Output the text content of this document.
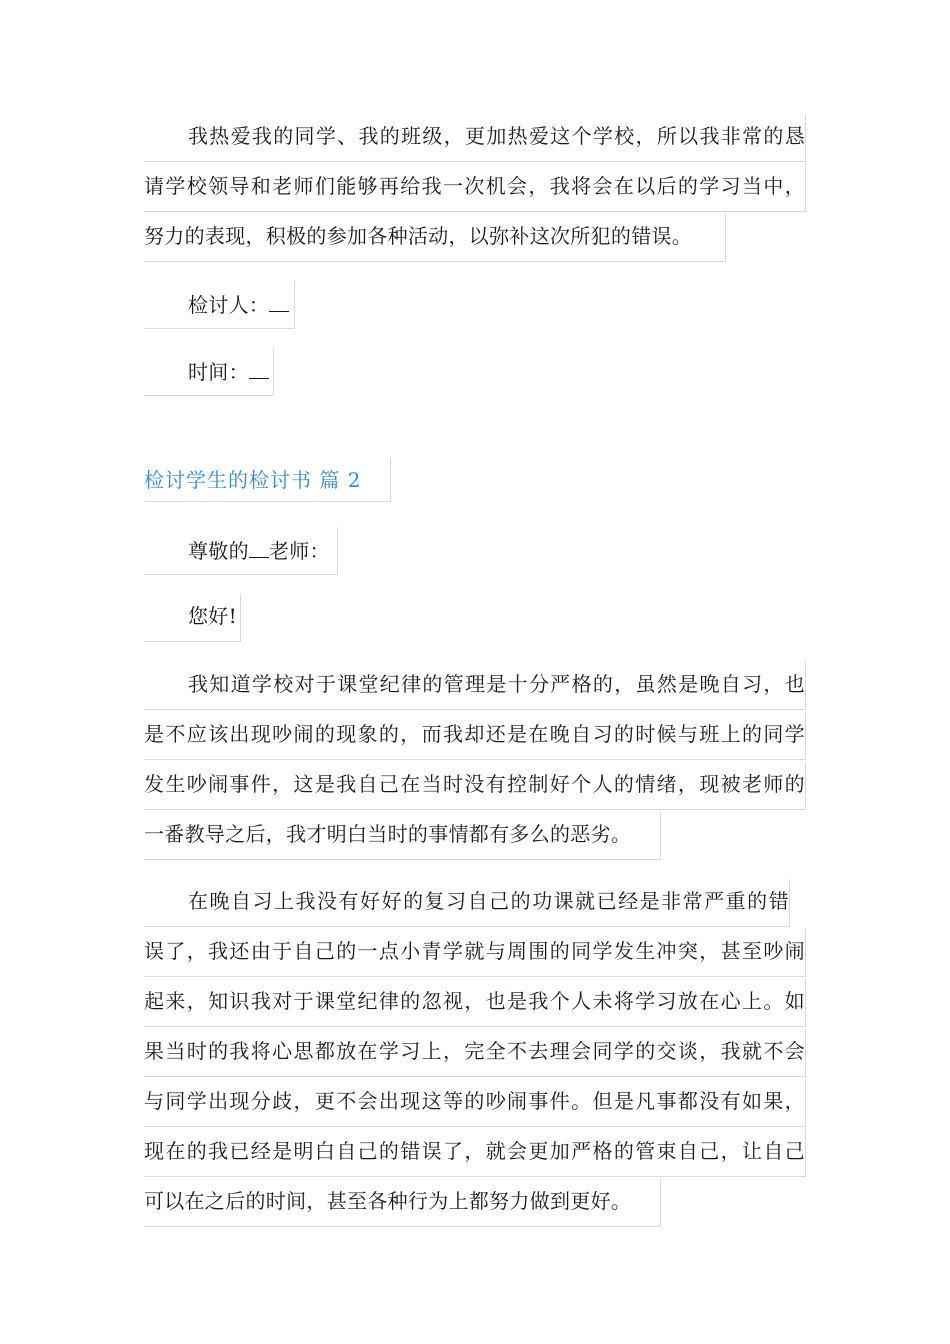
我热爱我的同学、我的班级，更加热爱这个学校，所以我非常的恳
请学校领导和老师们能够再给我一次机会，我将会在以后的学习当中，
努力的表现，积极的参加各种活动，以弥补这次所犯的错误。
检讨人：
时间：
检讨学生的检讨书 篇 2
尊敬的 老师：
您好!
我知道学校对于课堂纪律的管理是十分严格的，虽然是晚自习，也
是不应该出现吵闹的现象的，而我却还是在晚自习的时候与班上的同学
发生吵闹事件，这是我自己在当时没有控制好个人的情绪，现被老师的
一番教导之后，我才明白当时的事情都有多么的恶劣。
在晚自习上我没有好好的复习自己的功课就已经是非常严重的错
误了，我还由于自己的一点小青学就与周围的同学发生冲突，甚至吵闹
起来，知识我对于课堂纪律的忽视，也是我个人未将学习放在心上。如
果当时的我将心思都放在学习上，完全不去理会同学的交谈，我就不会
与同学出现分歧，更不会出现这等的吵闹事件。但是凡事都没有如果，
现在的我已经是明白自己的错误了，就会更加严格的管束自己，让自己
可以在之后的时间，甚至各种行为上都努力做到更好。
